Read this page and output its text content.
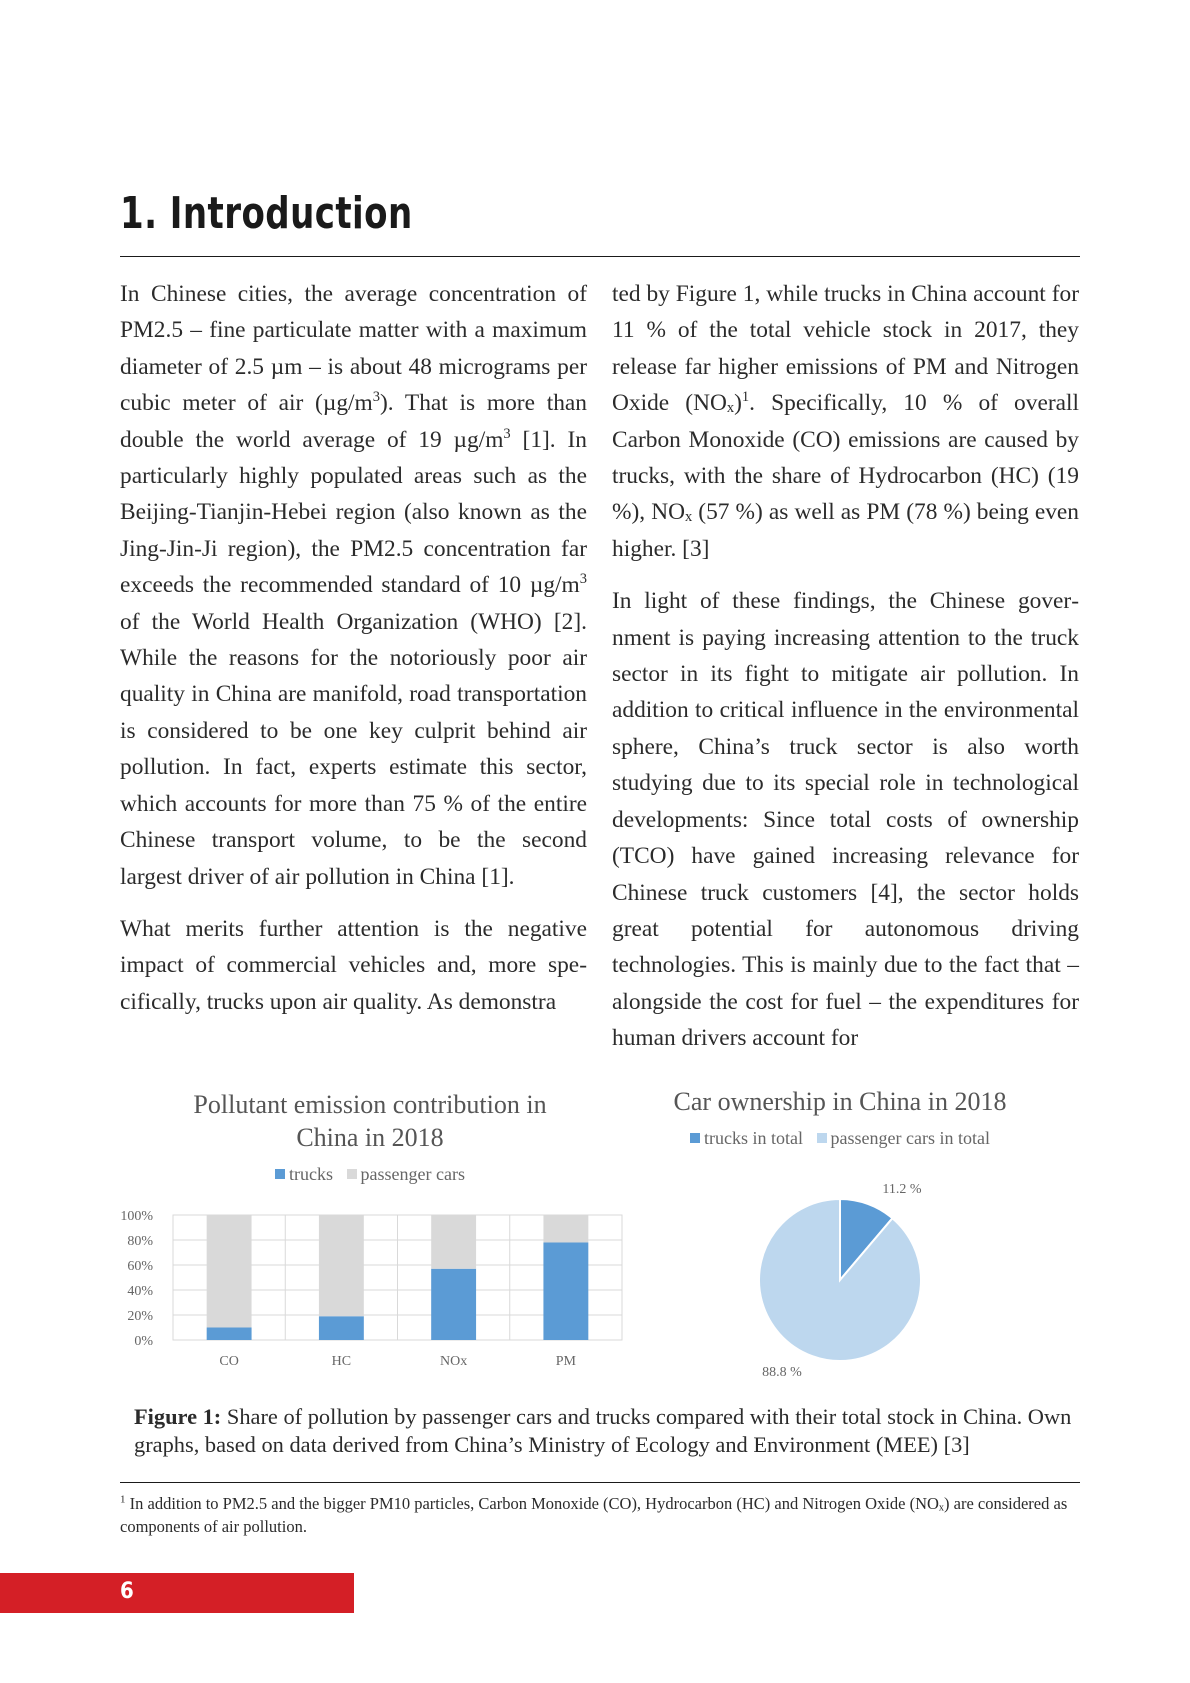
1. Introduction

In Chinese cities, the average concentration of PM2.5 – fine particulate matter with a maximum diameter of 2.5 µm – is about 48 micrograms per cubic meter of air $(\mu g/m^3)$. That is more than double the world average of 19 $\mu g/m^3$ [1]. In particularly highly populated areas such as the Beijing-Tianjin-Hebei region (also known as the Jing-Jin-Ji region), the PM2.5 concentration far exceeds the recommended standard of 10 $\mu g/m^3$ of the World Health Organization (WHO) [2]. While the reasons for the notoriously poor air quality in China are manifold, road transportation is considered to be one key culprit behind air pollution. In fact, experts estimate this sector, which accounts for more than 75 % of the entire Chinese transport volume, to be the second largest driver of air pollution in China [1].

What merits further attention is the negative impact of commercial vehicles and, more specifically, trucks upon air quality. As demonstra

ted by Figure 1, while trucks in China account for 11 % of the total vehicle stock in 2017, they release far higher emissions of PM and Nitrogen Oxide $(NO_x)^1$. Specifically, 10 % of overall Carbon Monoxide (CO) emissions are caused by trucks, with the share of Hydrocarbon (HC) (19 %), $NO_x$ (57 %) as well as PM (78 %) being even higher. [3]

In light of these findings, the Chinese government is paying increasing attention to the truck sector in its fight to mitigate air pollution. In addition to critical influence in the environmental sphere, China’s truck sector is also worth studying due to its special role in technological developments: Since total costs of ownership (TCO) have gained increasing relevance for Chinese truck customers [4], the sector holds great potential for autonomous driving technologies. This is mainly due to the fact that – alongside the cost for fuel – the expenditures for human drivers account for

Pollutant emission contribution in
China in 2018
trucks passenger cars
0%
20%
40%
60%
80%
100%
CO	HC	NOx	PM
Car ownership in China in 2018
trucks in total passenger cars in total
11.2 %
88.8 %
Figure 1: Share of pollution by passenger cars and trucks compared with their total stock in China. Own graphs, based on data derived from China’s Ministry of Ecology and Environment (MEE) [3]
$^1$ In addition to PM2.5 and the bigger PM10 particles, Carbon Monoxide (CO), Hydrocarbon (HC) and Nitrogen Oxide $(NO_x)$ are considered as components of air pollution.
6
